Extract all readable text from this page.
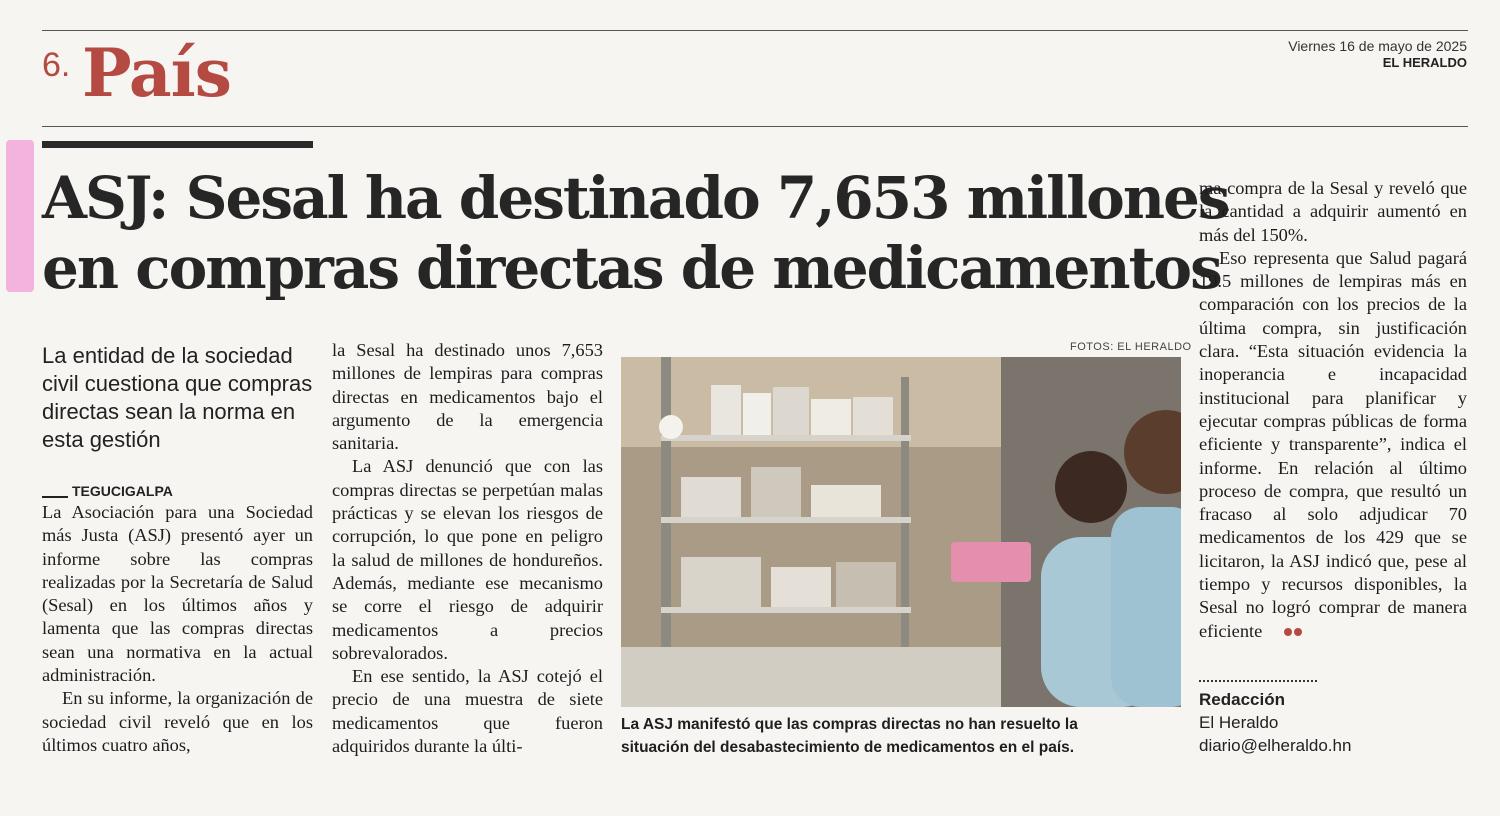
6. País	Viernes 16 de mayo de 2025
EL HERALDO
ASJ: Sesal ha destinado 7,653 millones
en compras directas de medicamentos
La entidad de la sociedad civil cuestiona que compras directas sean la norma en esta gestión
TEGUCIGALPA

La Asociación para una Sociedad más Justa (ASJ) presentó ayer un informe sobre las compras realizadas por la Secretaría de Salud (Sesal) en los últimos años y lamenta que las compras directas sean una normativa en la actual administración.

En su informe, la organización de sociedad civil reveló que en los últimos cuatro años,

la Sesal ha destinado unos 7,653 millones de lempiras para compras directas en medicamentos bajo el argumento de la emergencia sanitaria.

La ASJ denunció que con las compras directas se perpetúan malas prácticas y se elevan los riesgos de corrupción, lo que pone en peligro la salud de millones de hondureños. Además, mediante ese mecanismo se corre el riesgo de adquirir medicamentos a precios sobrevalorados.

En ese sentido, la ASJ cotejó el precio de una muestra de siete medicamentos que fueron adquiridos durante la últi-

FOTOS: EL HERALDO
La ASJ manifestó que las compras directas no han resuelto la
situación del desabastecimiento de medicamentos en el país.

ma compra de la Sesal y reveló que la cantidad a adquirir aumentó en más del 150%.

Eso representa que Salud pagará 19.5 millones de lempiras más en comparación con los precios de la última compra, sin justificación clara. “Esta situación evidencia la inoperancia e incapacidad institucional para planificar y ejecutar compras públicas de forma eficiente y transparente”, indica el informe. En relación al último proceso de compra, que resultó un fracaso al solo adjudicar 70 medicamentos de los 429 que se licitaron, la ASJ indicó que, pese al tiempo y recursos disponibles, la Sesal no logró comprar de manera eficiente

Redacción
El Heraldo
diario@elheraldo.hn
